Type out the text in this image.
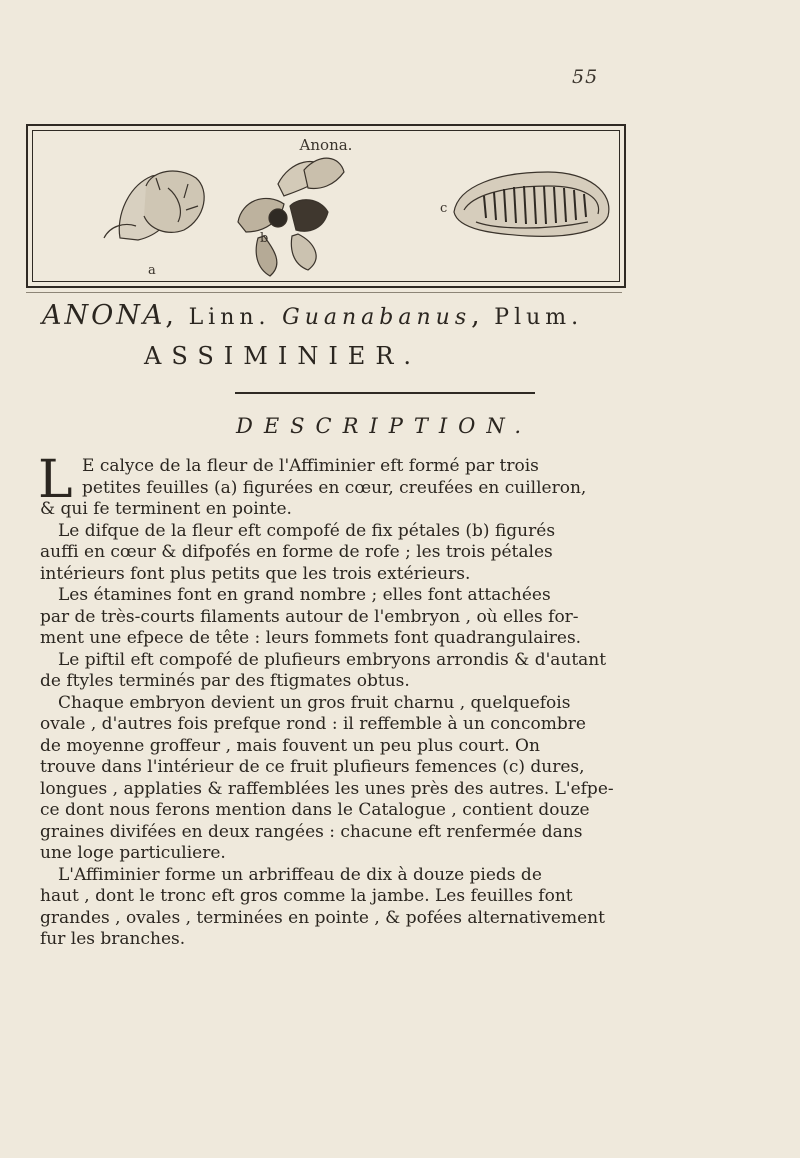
55
Anona.
a
b
c
ANONA, Linn. Guanabanus, Plum.
ASSIMINIER.
DESCRIPTION.
L E calyce de la fleur de l'Affiminier eft formé par trois
petites feuilles (a) figurées en cœur, creufées en cuilleron,
& qui fe terminent en pointe.
Le difque de la fleur eft compofé de fix pétales (b) figurés
auffi en cœur & difpofés en forme de rofe ; les trois pétales
intérieurs font plus petits que les trois extérieurs.
Les étamines font en grand nombre ; elles font attachées
par de très-courts filaments autour de l'embryon , où elles for-
ment une efpece de tête : leurs fommets font quadrangulaires.
Le piftil eft compofé de plufieurs embryons arrondis & d'autant
de ftyles terminés par des ftigmates obtus.
Chaque embryon devient un gros fruit charnu , quelquefois
ovale , d'autres fois prefque rond : il reffemble à un concombre
de moyenne groffeur , mais fouvent un peu plus court. On
trouve dans l'intérieur de ce fruit plufieurs femences (c) dures,
longues , applaties & raffemblées les unes près des autres. L'efpe-
ce dont nous ferons mention dans le Catalogue , contient douze
graines divifées en deux rangées : chacune eft renfermée dans
une loge particuliere.
L'Affiminier forme un arbriffeau de dix à douze pieds de
haut , dont le tronc eft gros comme la jambe. Les feuilles font
grandes , ovales , terminées en pointe , & pofées alternativement
fur les branches.
